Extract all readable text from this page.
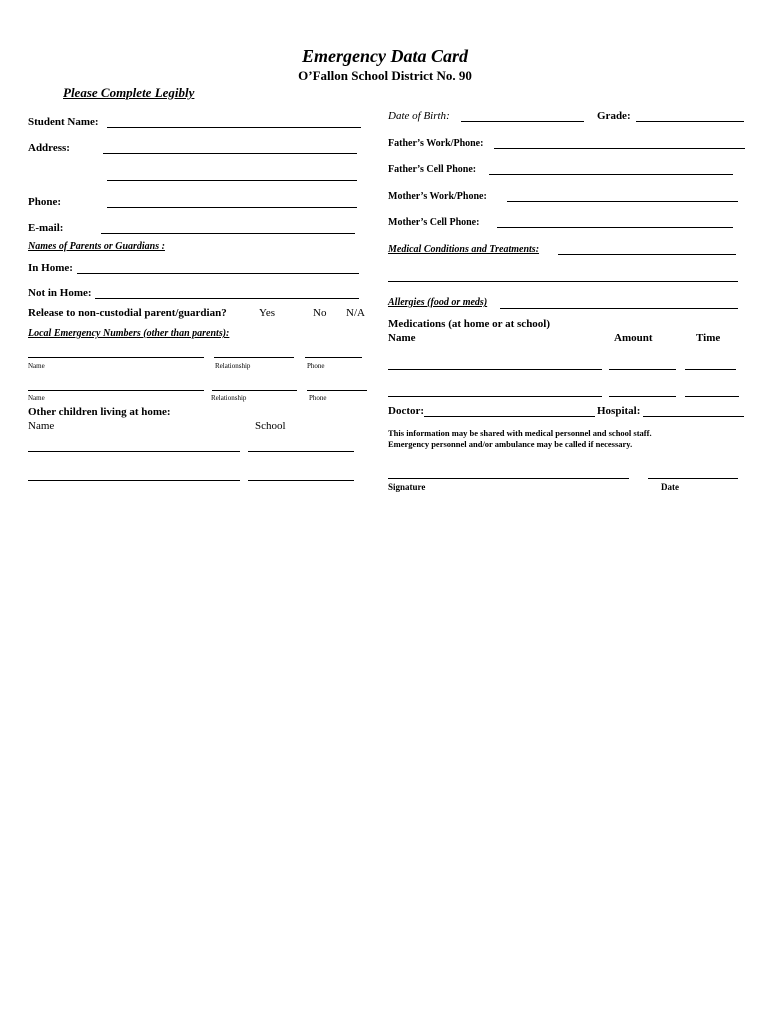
Emergency Data Card
O’Fallon School District No. 90
Please Complete Legibly
Student Name:
Address:
Phone:
E-mail:
Names of Parents or Guardians :
In Home:
Not in Home:
Release to non-custodial parent/guardian?	Yes	No N/A
Local Emergency Numbers (other than parents):
Name	Relationship	Phone
Name	Relationship	Phone
Other children living at home:
Name	School
Date of Birth:	Grade:
Father’s Work/Phone:
Father’s Cell Phone:
Mother’s Work/Phone:
Mother’s Cell Phone:
Medical Conditions and Treatments:
Allergies (food or meds)
Medications (at home or at school)
Name	Amount	Time
Doctor:	Hospital:
This information may be shared with medical personnel and school staff.
Emergency personnel and/or ambulance may be called if necessary.
Signature	Date
